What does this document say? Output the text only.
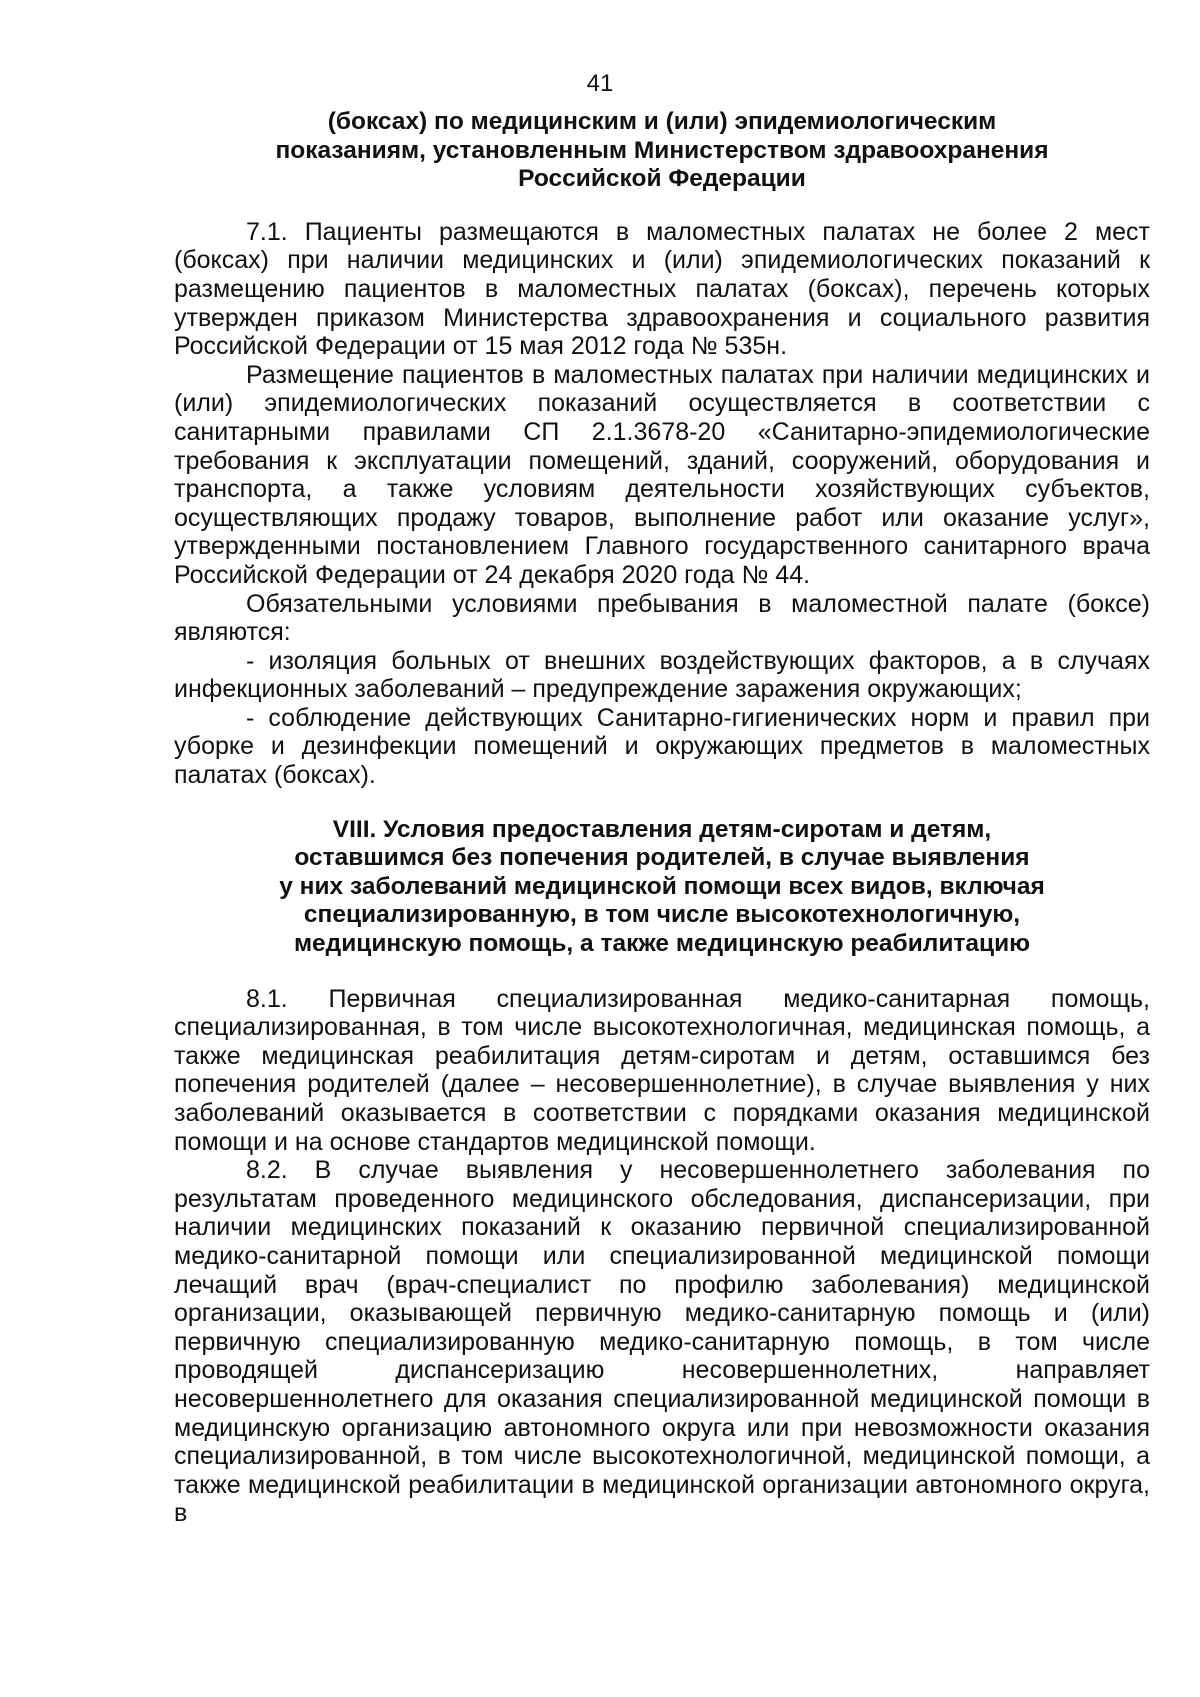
41
(боксах) по медицинским и (или) эпидемиологическим
показаниям, установленным Министерством здравоохранения
Российской Федерации

7.1. Пациенты размещаются в маломестных палатах не более 2 мест (боксах) при наличии медицинских и (или) эпидемиологических показаний к размещению пациентов в маломестных палатах (боксах), перечень которых утвержден приказом Министерства здравоохранения и социального развития Российской Федерации от 15 мая 2012 года № 535н.

Размещение пациентов в маломестных палатах при наличии медицинских и (или) эпидемиологических показаний осуществляется в соответствии с санитарными правилами СП 2.1.3678-20 «Санитарно-эпидемиологические требования к эксплуатации помещений, зданий, сооружений, оборудования и транспорта, а также условиям деятельности хозяйствующих субъектов, осуществляющих продажу товаров, выполнение работ или оказание услуг», утвержденными постановлением Главного государственного санитарного врача Российской Федерации от 24 декабря 2020 года № 44.

Обязательными условиями пребывания в маломестной палате (боксе) являются:

- изоляция больных от внешних воздействующих факторов, а в случаях инфекционных заболеваний – предупреждение заражения окружающих;

- соблюдение действующих Санитарно-гигиенических норм и правил при уборке и дезинфекции помещений и окружающих предметов в маломестных палатах (боксах).

VIII. Условия предоставления детям-сиротам и детям,
оставшимся без попечения родителей, в случае выявления
у них заболеваний медицинской помощи всех видов, включая
специализированную, в том числе высокотехнологичную,
медицинскую помощь, а также медицинскую реабилитацию

8.1. Первичная специализированная медико-санитарная помощь, специализированная, в том числе высокотехнологичная, медицинская помощь, а также медицинская реабилитация детям-сиротам и детям, оставшимся без попечения родителей (далее – несовершеннолетние), в случае выявления у них заболеваний оказывается в соответствии с порядками оказания медицинской помощи и на основе стандартов медицинской помощи.

8.2. В случае выявления у несовершеннолетнего заболевания по результатам проведенного медицинского обследования, диспансеризации, при наличии медицинских показаний к оказанию первичной специализированной медико-санитарной помощи или специализированной медицинской помощи лечащий врач (врач-специалист по профилю заболевания) медицинской организации, оказывающей первичную медико-санитарную помощь и (или) первичную специализированную медико-санитарную помощь, в том числе проводящей диспансеризацию несовершеннолетних, направляет несовершеннолетнего для оказания специализированной медицинской помощи в медицинскую организацию автономного округа или при невозможности оказания специализированной, в том числе высокотехнологичной, медицинской помощи, а также медицинской реабилитации в медицинской организации автономного округа, в
